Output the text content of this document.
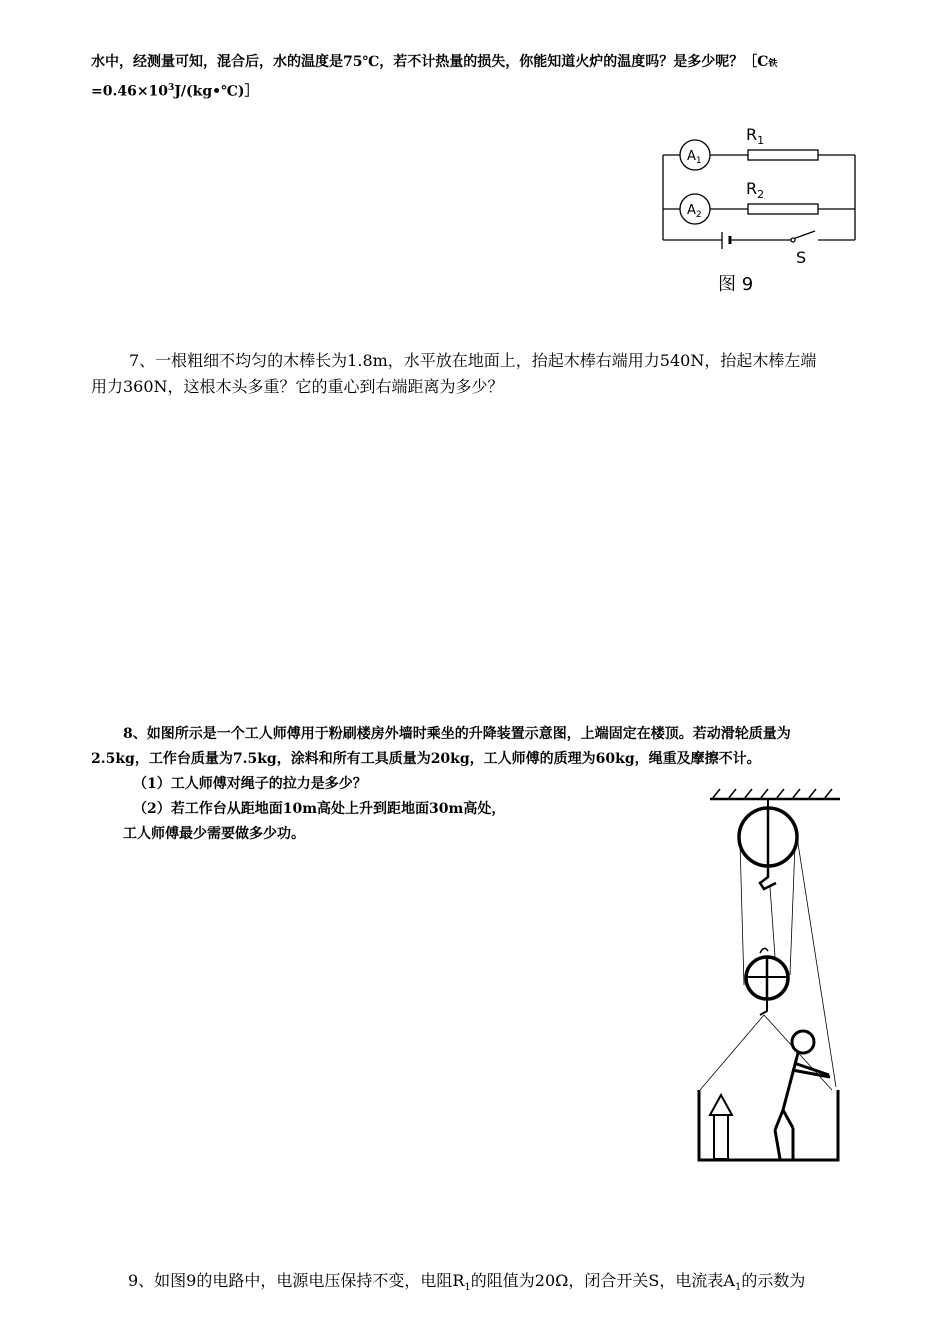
水中，经测量可知，混合后，水的温度是75℃，若不计热量的损失，你能知道火炉的温度吗？是多少呢？［C铁
$=0.46\times 10^3J/(kg•℃)]$
$A_1$
$A_2$
$R_1$
$R_2$
S
图 9
7、一根粗细不均匀的木棒长为1.8m，水平放在地面上，抬起木棒右端用力540N，抬起木棒左端
用力360N，这根木头多重？它的重心到右端距离为多少？
8、如图所示是一个工人师傅用于粉刷楼房外墙时乘坐的升降装置示意图，上端固定在楼顶。若动滑轮质量为
2.5kg，工作台质量为7.5kg，涂料和所有工具质量为20kg，工人师傅的质理为60kg，绳重及摩擦不计。
（1）工人师傅对绳子的拉力是多少？
（2）若工作台从距地面10m高处上升到距地面30m高处，
工人师傅最少需要做多少功。
9、如图9的电路中，电源电压保持不变，电阻$R_1$的阻值为20Ω，闭合开关S，电流表$A_1$的示数为
